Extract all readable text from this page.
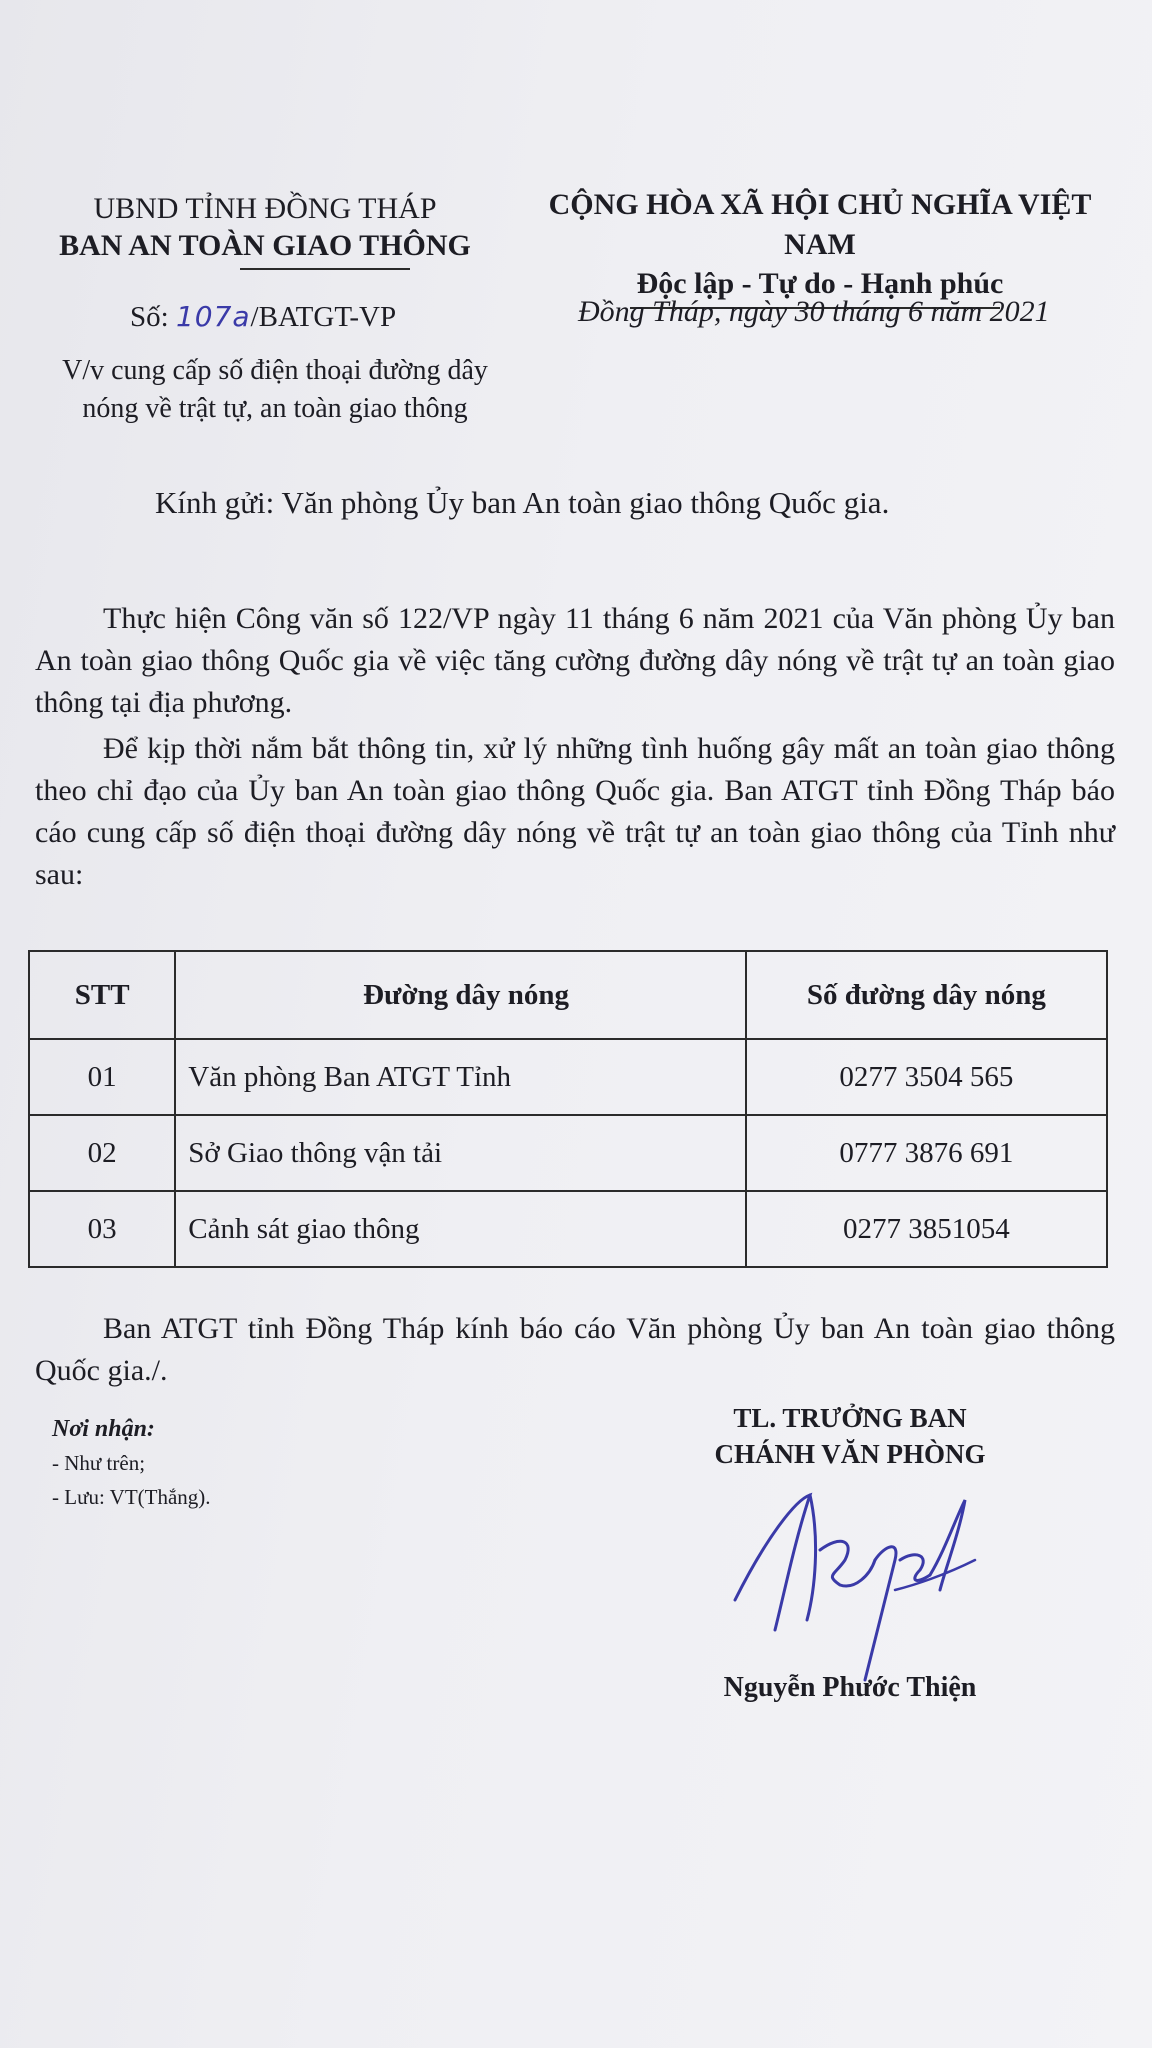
UBND TỈNH ĐỒNG THÁP
BAN AN TOÀN GIAO THÔNG
CỘNG HÒA XÃ HỘI CHỦ NGHĨA VIỆT NAM
Độc lập - Tự do - Hạnh phúc
Số: 107a/BATGT-VP	Đồng Tháp, ngày 30 tháng 6 năm 2021
V/v cung cấp số điện thoại đường dây
nóng về trật tự, an toàn giao thông
Kính gửi: Văn phòng Ủy ban An toàn giao thông Quốc gia.
Thực hiện Công văn số 122/VP ngày 11 tháng 6 năm 2021 của Văn phòng Ủy ban An toàn giao thông Quốc gia về việc tăng cường đường dây nóng về trật tự an toàn giao thông tại địa phương.
Để kịp thời nắm bắt thông tin, xử lý những tình huống gây mất an toàn giao thông theo chỉ đạo của Ủy ban An toàn giao thông Quốc gia. Ban ATGT tỉnh Đồng Tháp báo cáo cung cấp số điện thoại đường dây nóng về trật tự an toàn giao thông của Tỉnh như sau:
STT	Đường dây nóng	Số đường dây nóng
01	Văn phòng Ban ATGT Tỉnh	0277 3504 565
02	Sở Giao thông vận tải	0777 3876 691
03	Cảnh sát giao thông	0277 3851054
Ban ATGT tỉnh Đồng Tháp kính báo cáo Văn phòng Ủy ban An toàn giao thông Quốc gia./.
Nơi nhận:
- Như trên;
- Lưu: VT(Thắng).
TL. TRƯỞNG BAN
CHÁNH VĂN PHÒNG
Nguyễn Phước Thiện
